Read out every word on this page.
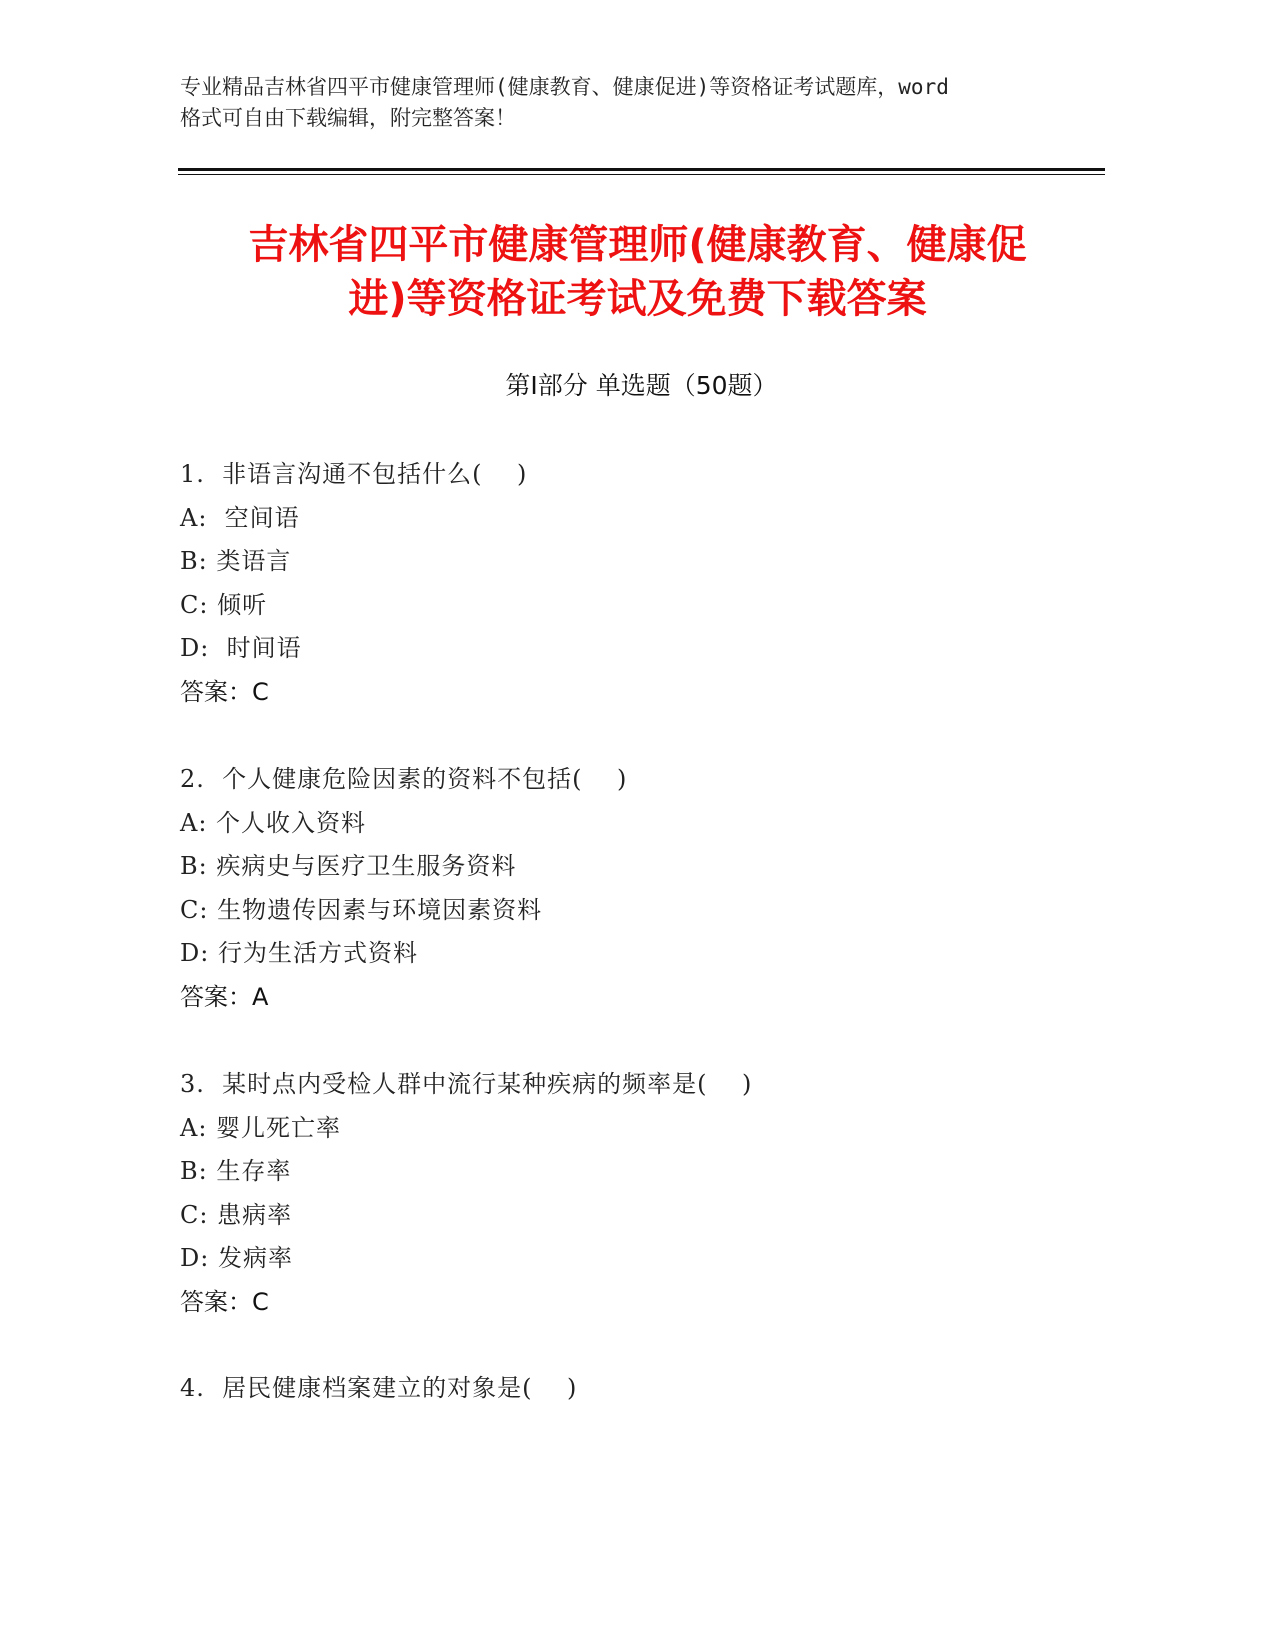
专业精品吉林省四平市健康管理师(健康教育、健康促进)等资格证考试题库，word
格式可自由下载编辑，附完整答案！
吉林省四平市健康管理师(健康教育、健康促
进)等资格证考试及免费下载答案
第Ⅰ部分 单选题（50题）
1.  非语言沟通不包括什么(    )
A:  空间语
B: 类语言
C: 倾听
D:  时间语
答案：C
2.  个人健康危险因素的资料不包括(    )
A: 个人收入资料
B: 疾病史与医疗卫生服务资料
C: 生物遗传因素与环境因素资料
D: 行为生活方式资料
答案：A
3.  某时点内受检人群中流行某种疾病的频率是(    )
A: 婴儿死亡率
B: 生存率
C: 患病率
D: 发病率
答案：C
4.  居民健康档案建立的对象是(    )
